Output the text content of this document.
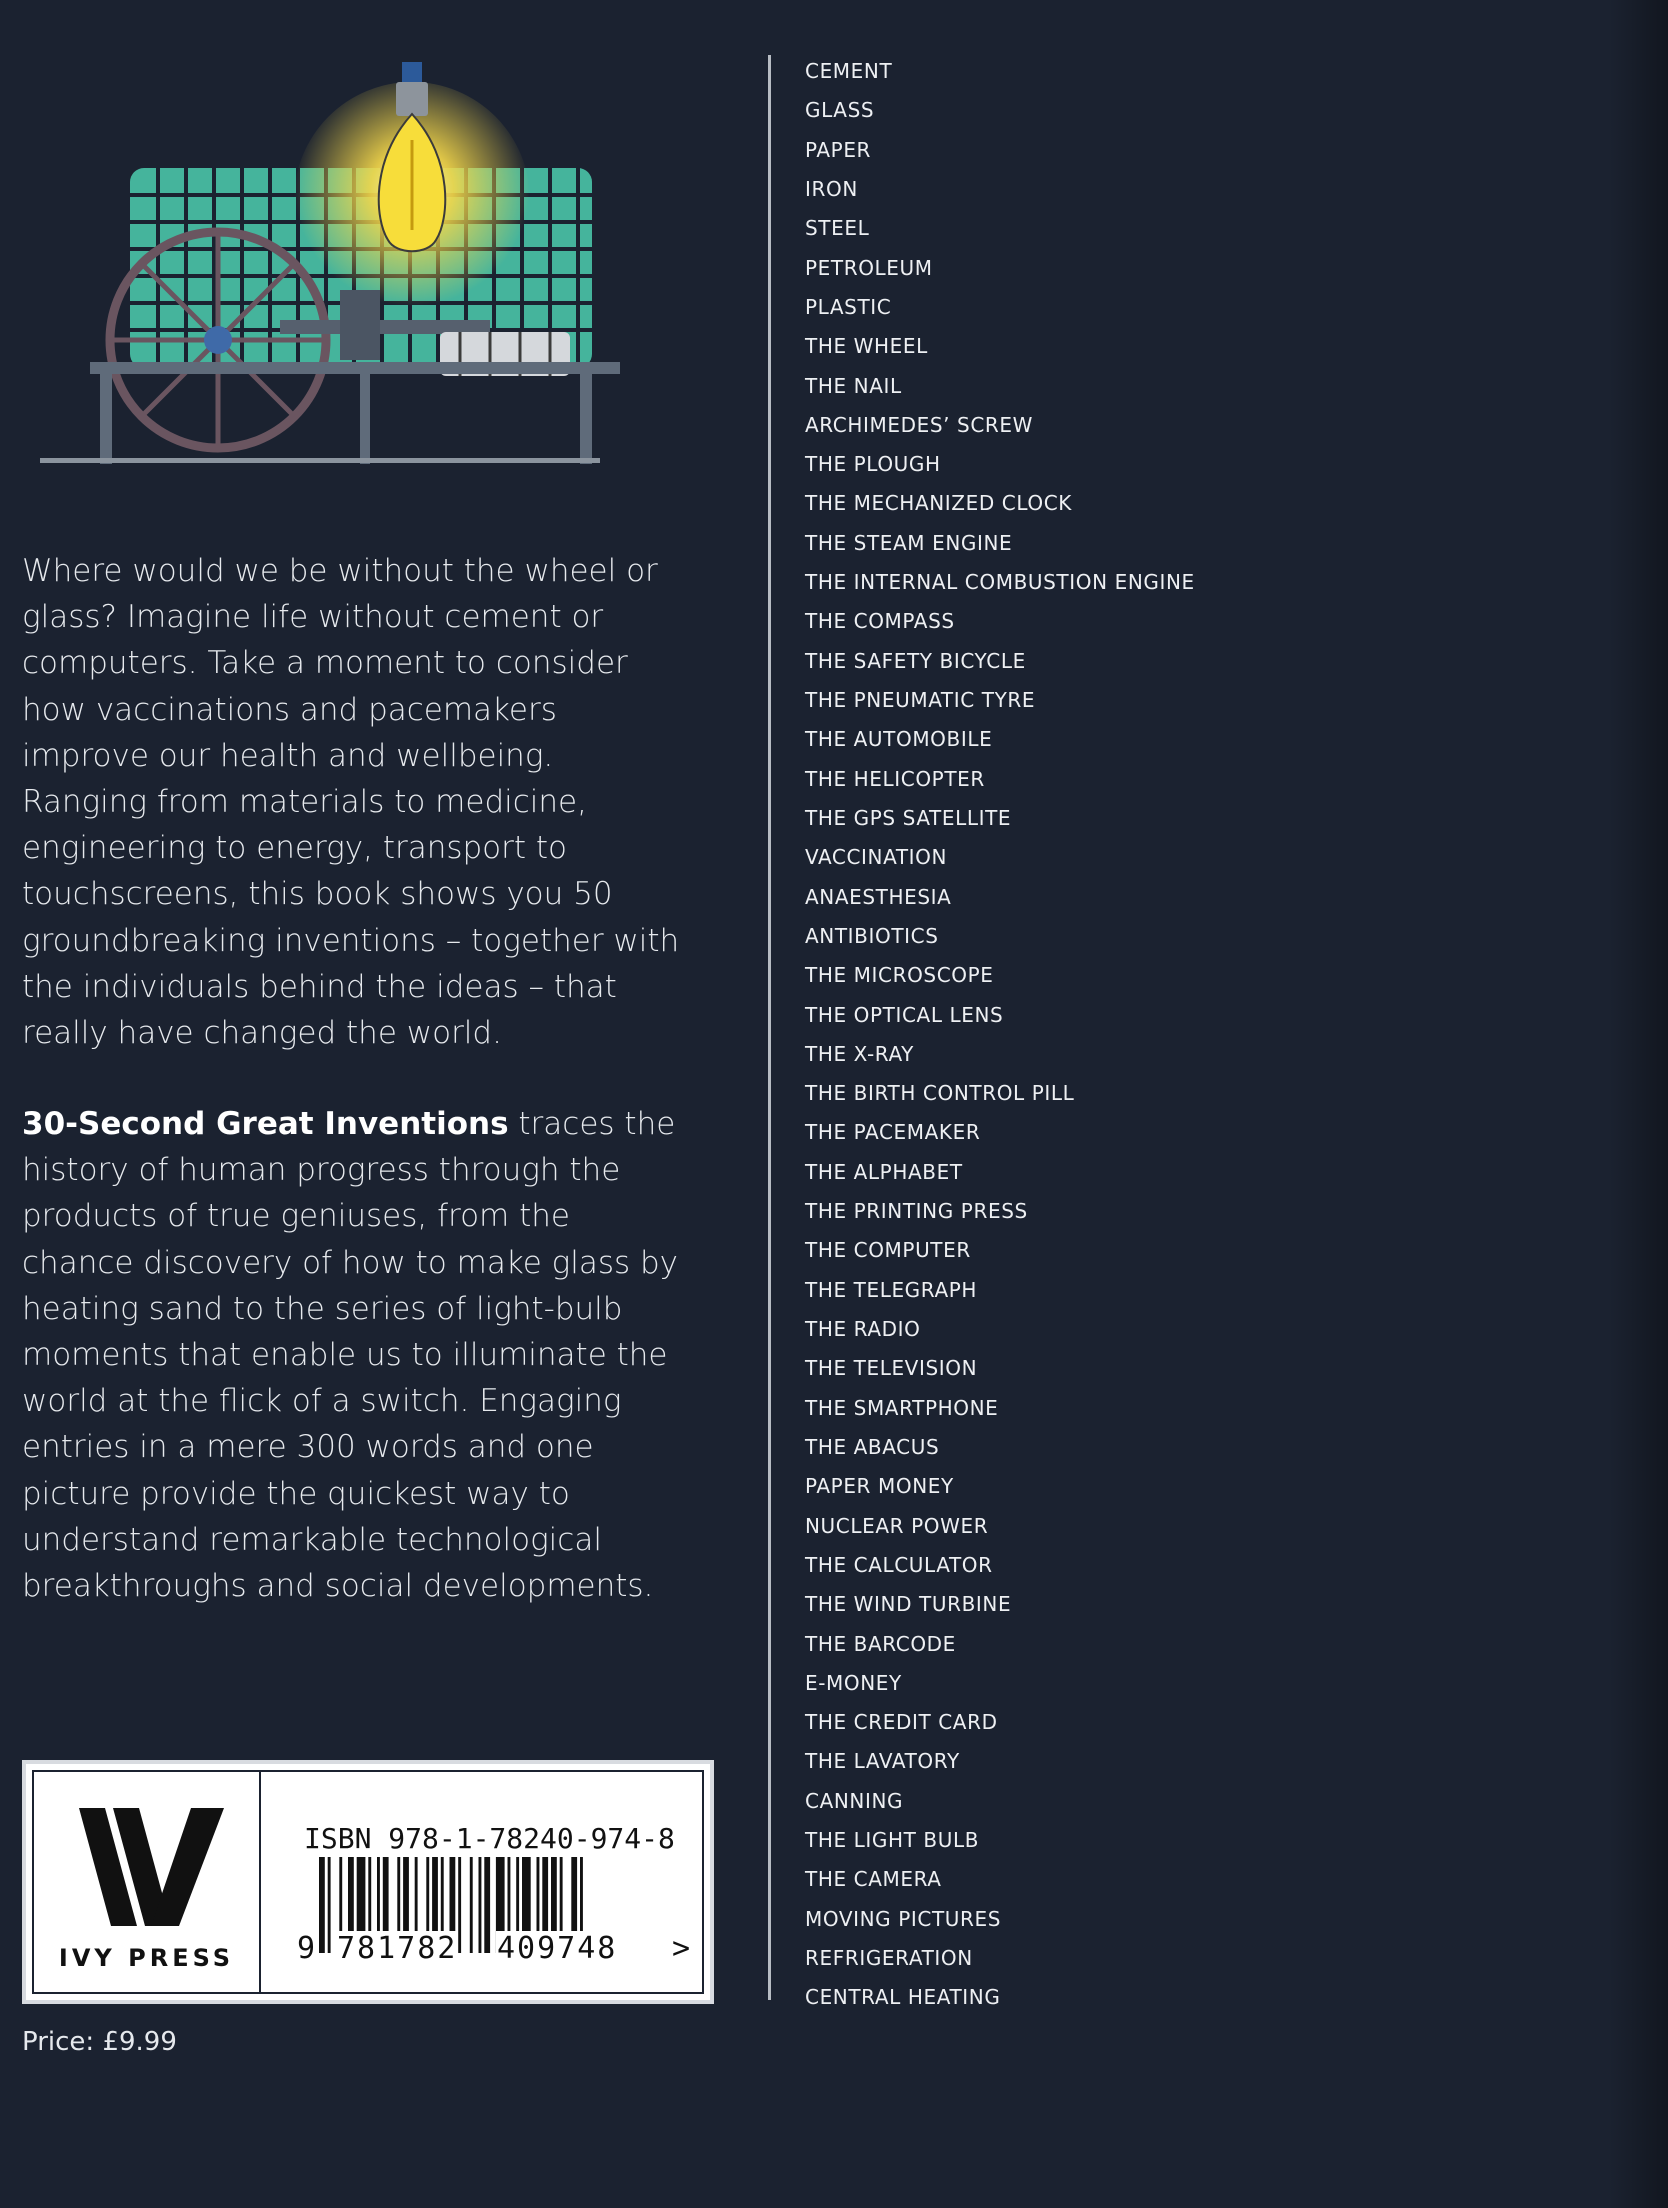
Where would we be without the wheel or glass? Imagine life without cement or computers. Take a moment to consider how vaccinations and pacemakers improve our health and wellbeing. Ranging from materials to medicine, engineering to energy, transport to touchscreens, this book shows you 50 groundbreaking inventions – together with the individuals behind the ideas – that really have changed the world.

30-Second Great Inventions traces the history of human progress through the products of true geniuses, from the chance discovery of how to make glass by heating sand to the series of light-bulb moments that enable us to illuminate the world at the flick of a switch. Engaging entries in a mere 300 words and one picture provide the quickest way to understand remarkable technological breakthroughs and social developments.

CEMENT
GLASS
PAPER
IRON
STEEL
PETROLEUM
PLASTIC
THE WHEEL
THE NAIL
ARCHIMEDES’ SCREW
THE PLOUGH
THE MECHANIZED CLOCK
THE STEAM ENGINE
THE INTERNAL COMBUSTION ENGINE
THE COMPASS
THE SAFETY BICYCLE
THE PNEUMATIC TYRE
THE AUTOMOBILE
THE HELICOPTER
THE GPS SATELLITE
VACCINATION
ANAESTHESIA
ANTIBIOTICS
THE MICROSCOPE
THE OPTICAL LENS
THE X-RAY
THE BIRTH CONTROL PILL
THE PACEMAKER
THE ALPHABET
THE PRINTING PRESS
THE COMPUTER
THE TELEGRAPH
THE RADIO
THE TELEVISION
THE SMARTPHONE
THE ABACUS
PAPER MONEY
NUCLEAR POWER
THE CALCULATOR
THE WIND TURBINE
THE BARCODE
E-MONEY
THE CREDIT CARD
THE LAVATORY
CANNING
THE LIGHT BULB
THE CAMERA
MOVING PICTURES
REFRIGERATION
CENTRAL HEATING
IVY PRESS
ISBN 978-1-78240-974-8
9 781782 409748 >
Price: £9.99
